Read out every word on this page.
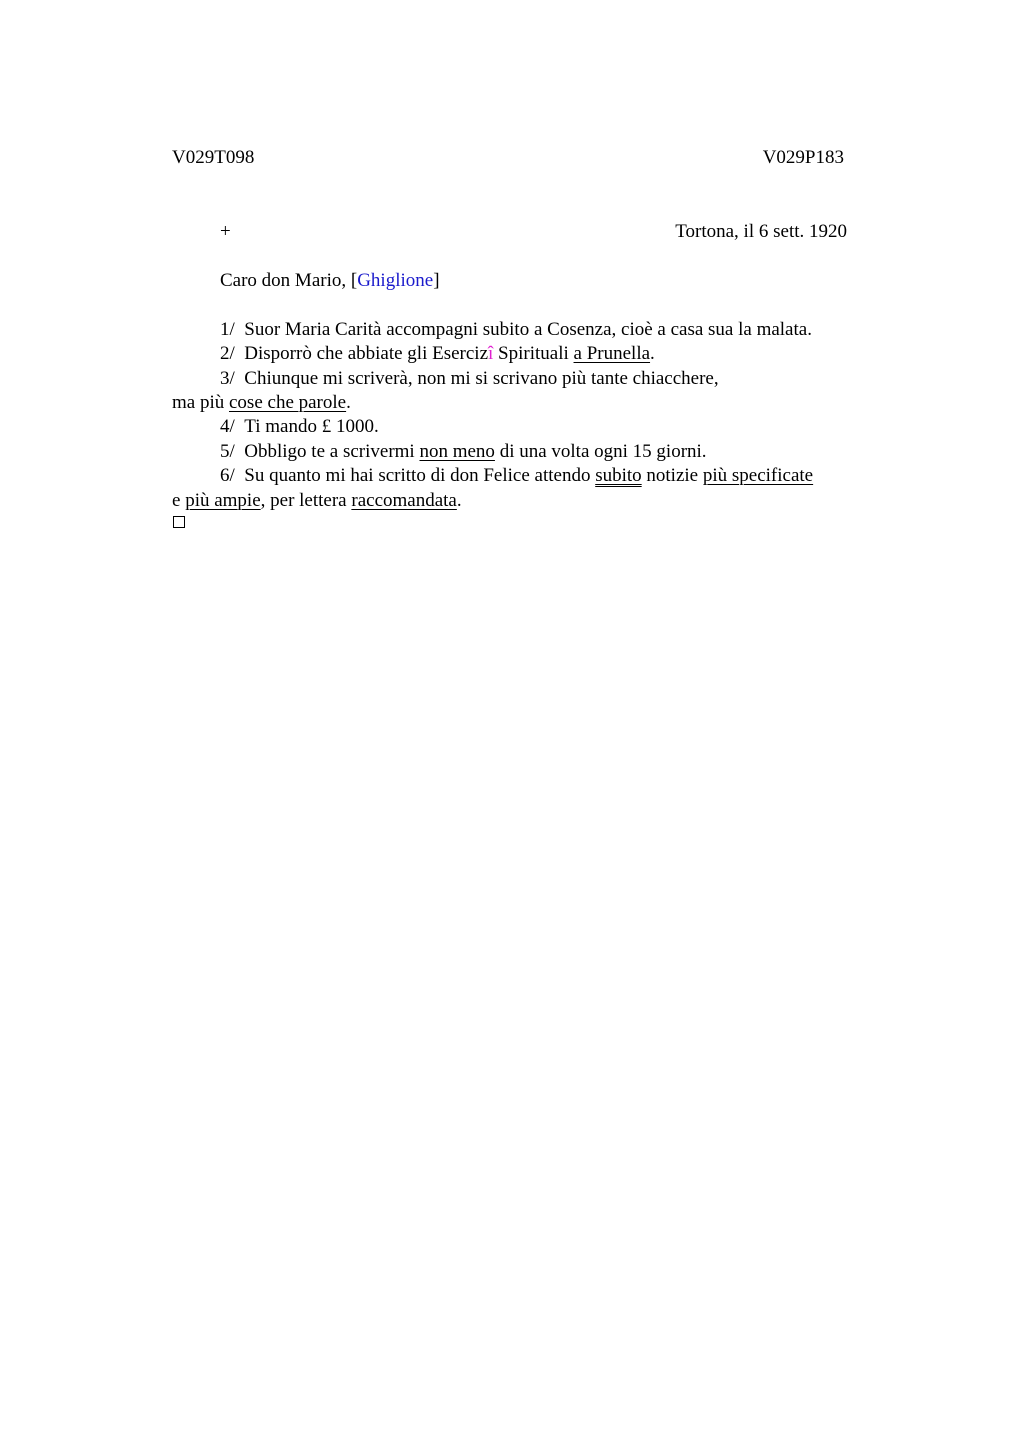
V029T098	V029P183
+	Tortona, il 6 sett. 1920
Caro don Mario, [Ghiglione]
1/ Suor Maria Carità accompagni subito a Cosenza, cioè a casa sua la malata.
2/ Disporrò che abbiate gli Esercizî Spirituali a Prunella.
3/ Chiunque mi scriverà, non mi si scrivano più tante chiacchere,
ma più cose che parole.
4/ Ti mando £ 1000.
5/ Obbligo te a scrivermi non meno di una volta ogni 15 giorni.
6/ Su quanto mi hai scritto di don Felice attendo subito notizie più specificate
e più ampie, per lettera raccomandata.
